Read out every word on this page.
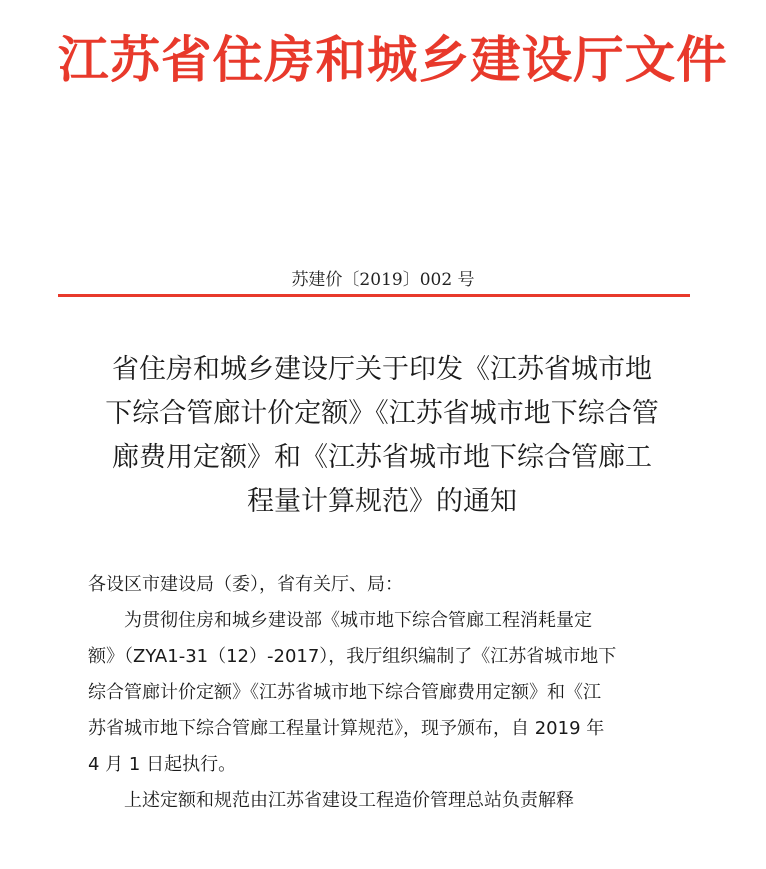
江苏省住房和城乡建设厅文件
苏建价〔2019〕002 号
省住房和城乡建设厅关于印发《江苏省城市地
下综合管廊计价定额》《江苏省城市地下综合管
廊费用定额》和《江苏省城市地下综合管廊工
程量计算规范》的通知
各设区市建设局（委），省有关厅、局：
为贯彻住房和城乡建设部《城市地下综合管廊工程消耗量定
额》（ZYA1-31（12）-2017），我厅组织编制了《江苏省城市地下
综合管廊计价定额》《江苏省城市地下综合管廊费用定额》和《江
苏省城市地下综合管廊工程量计算规范》，现予颁布，自 2019 年
4 月 1 日起执行。
上述定额和规范由江苏省建设工程造价管理总站负责解释
